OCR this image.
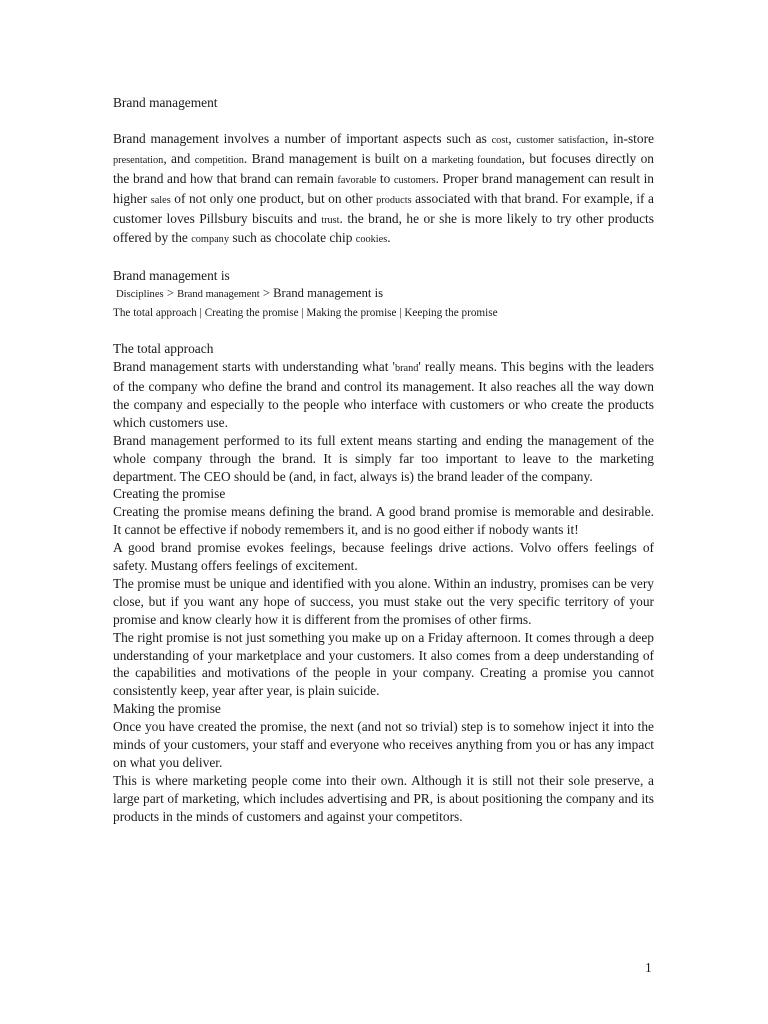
Brand management

Brand management involves a number of important aspects such as cost, customer satisfaction, in-store presentation, and competition. Brand management is built on a marketing foundation, but focuses directly on the brand and how that brand can remain favorable to customers. Proper brand management can result in higher sales of not only one product, but on other products associated with that brand. For example, if a customer loves Pillsbury biscuits and trust. the brand, he or she is more likely to try other products offered by the company such as chocolate chip cookies.

Brand management is

Disciplines > Brand management > Brand management is

The total approach | Creating the promise | Making the promise | Keeping the promise

The total approach

Brand management starts with understanding what 'brand' really means. This begins with the leaders of the company who define the brand and control its management. It also reaches all the way down the company and especially to the people who interface with customers or who create the products which customers use.

Brand management performed to its full extent means starting and ending the management of the whole company through the brand. It is simply far too important to leave to the marketing department. The CEO should be (and, in fact, always is) the brand leader of the company.

Creating the promise

Creating the promise means defining the brand. A good brand promise is memorable and desirable. It cannot be effective if nobody remembers it, and is no good either if nobody wants it!

A good brand promise evokes feelings, because feelings drive actions. Volvo offers feelings of safety. Mustang offers feelings of excitement.

The promise must be unique and identified with you alone. Within an industry, promises can be very close, but if you want any hope of success, you must stake out the very specific territory of your promise and know clearly how it is different from the promises of other firms.

The right promise is not just something you make up on a Friday afternoon. It comes through a deep understanding of your marketplace and your customers. It also comes from a deep understanding of the capabilities and motivations of the people in your company. Creating a promise you cannot consistently keep, year after year, is plain suicide.

Making the promise

Once you have created the promise, the next (and not so trivial) step is to somehow inject it into the minds of your customers, your staff and everyone who receives anything from you or has any impact on what you deliver.

This is where marketing people come into their own. Although it is still not their sole preserve, a large part of marketing, which includes advertising and PR, is about positioning the company and its products in the minds of customers and against your competitors.

1
